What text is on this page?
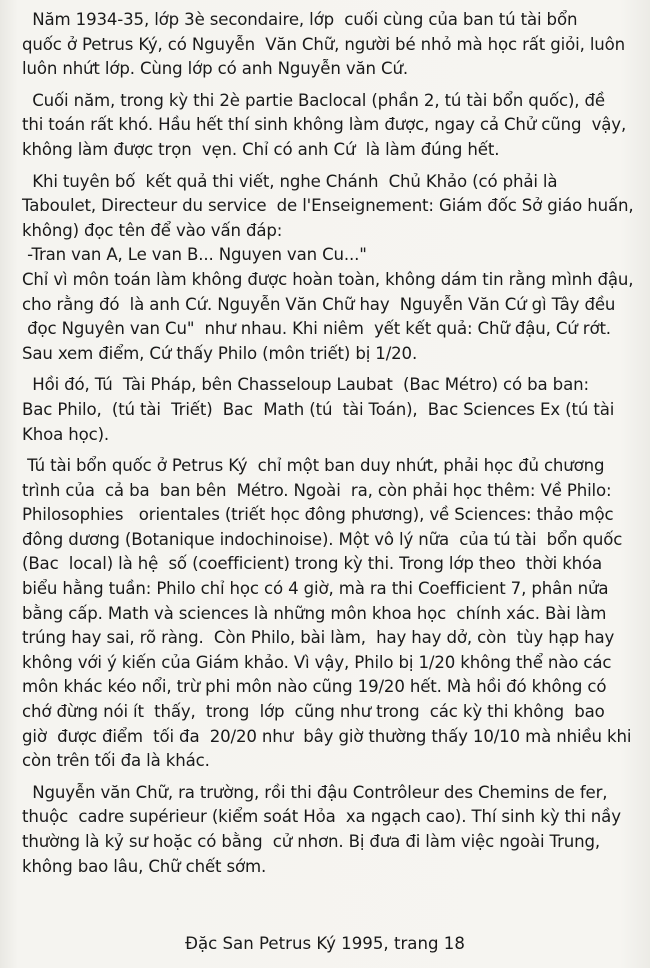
Năm 1934-35, lớp 3è secondaire, lớp  cuối cùng của ban tú tài bổn
quốc ở Petrus Ký, có Nguyễn  Văn Chữ, người bé nhỏ mà học rất giỏi, luôn
luôn nhứt lớp. Cùng lớp có anh Nguyễn văn Cứ.

Cuối năm, trong kỳ thi 2è partie Baclocal (phần 2, tú tài bổn quốc), đề
thi toán rất khó. Hầu hết thí sinh không làm được, ngay cả Chử cũng  vậy,
không làm được trọn  vẹn. Chỉ có anh Cứ  là làm đúng hết.

Khi tuyên bố  kết quả thi viết, nghe Chánh  Chủ Khảo (có phải là
Taboulet, Directeur du service  de l'Enseignement: Giám đốc Sở giáo huấn,
không) đọc tên để vào vấn đáp:
-Tran van A, Le van B... Nguyen van Cu..."
Chỉ vì môn toán làm không được hoàn toàn, không dám tin rằng mình đậu,
cho rằng đó  là anh Cứ. Nguyễn Văn Chữ hay  Nguyễn Văn Cứ gì Tây đều
đọc Nguyên van Cu"  như nhau. Khi niêm  yết kết quả: Chữ đậu, Cứ rớt.
Sau xem điểm, Cứ thấy Philo (môn triết) bị 1/20.

Hồi đó, Tú  Tài Pháp, bên Chasseloup Laubat  (Bac Métro) có ba ban:
Bac Philo,  (tú tài  Triết)  Bac  Math (tú  tài Toán),  Bac Sciences Ex (tú tài
Khoa học).

Tú tài bổn quốc ở Petrus Ký  chỉ một ban duy nhứt, phải học đủ chương
trình của  cả ba  ban bên  Métro. Ngoài  ra, còn phải học thêm: Về Philo:
Philosophies   orientales (triết học đông phương), về Sciences: thảo mộc
đông dương (Botanique indochinoise). Một vô lý nữa  của tú tài  bổn quốc
(Bac  local) là hệ  số (coefficient) trong kỳ thi. Trong lớp theo  thời khóa
biểu hằng tuần: Philo chỉ học có 4 giờ, mà ra thi Coefficient 7, phân nửa
bằng cấp. Math và sciences là những môn khoa học  chính xác. Bài làm
trúng hay sai, rõ ràng.  Còn Philo, bài làm,  hay hay dở, còn  tùy hạp hay
không với ý kiến của Giám khảo. Vì vậy, Philo bị 1/20 không thể nào các
môn khác kéo nổi, trừ phi môn nào cũng 19/20 hết. Mà hồi đó không có
chớ đừng nói ít  thấy,  trong  lớp  cũng như trong  các kỳ thi không  bao
giờ  được điểm  tối đa  20/20 như  bây giờ thường thấy 10/10 mà nhiều khi
còn trên tối đa là khác.

Nguyễn văn Chữ, ra trường, rồi thi đậu Contrôleur des Chemins de fer,
thuộc  cadre supérieur (kiểm soát Hỏa  xa ngạch cao). Thí sinh kỳ thi nầy
thường là kỷ sư hoặc có bằng  cử nhơn. Bị đưa đi làm việc ngoài Trung,
không bao lâu, Chữ chết sớm.

Đặc San Petrus Ký 1995, trang 18
